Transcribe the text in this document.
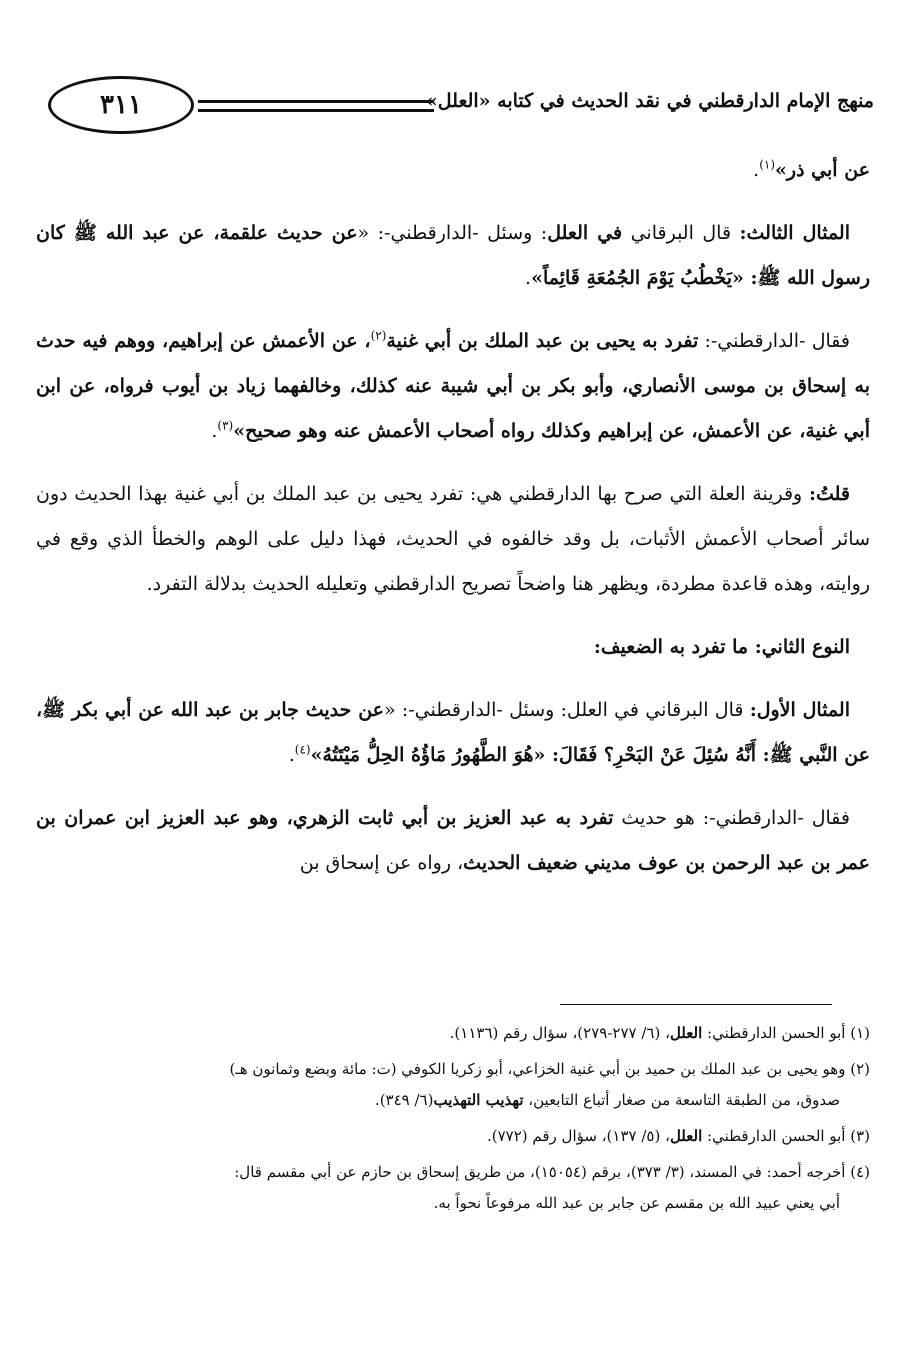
منهج الإمام الدارقطني في نقد الحديث في كتابه «العلل»
٣١١

عن أبي ذر»$^{(١)}$.

المثال الثالث: قال البرقاني في العلل: وسئل -الدارقطني-: «عن حديث علقمة، عن عبد الله ﷺ كان رسول الله ﷺ: «يَخْطُبُ يَوْمَ الجُمُعَةِ قَائِماً».

فقال -الدارقطني-: تفرد به يحيى بن عبد الملك بن أبي غنية$^{(٢)}$، عن الأعمش عن إبراهيم، ووهم فيه حدث به إسحاق بن موسى الأنصاري، وأبو بكر بن أبي شيبة عنه كذلك، وخالفهما زياد بن أيوب فرواه، عن ابن أبي غنية، عن الأعمش، عن إبراهيم وكذلك رواه أصحاب الأعمش عنه وهو صحيح»$^{(٣)}$.

قلتُ: وقرينة العلة التي صرح بها الدارقطني هي: تفرد يحيى بن عبد الملك بن أبي غنية بهذا الحديث دون سائر أصحاب الأعمش الأثبات، بل وقد خالفوه في الحديث، فهذا دليل على الوهم والخطأ الذي وقع في روايته، وهذه قاعدة مطردة، ويظهر هنا واضحاً تصريح الدارقطني وتعليله الحديث بدلالة التفرد.

النوع الثاني: ما تفرد به الضعيف:

المثال الأول: قال البرقاني في العلل: وسئل -الدارقطني-: «عن حديث جابر بن عبد الله عن أبي بكر ﷺ، عن النَّبي ﷺ: أَنَّهُ سُئِلَ عَنْ البَحْرِ؟ فَقَالَ: «هُوَ الطَّهُورُ مَاؤُهُ الحِلُّ مَيْتَتُهُ»$^{(٤)}$.

فقال -الدارقطني-: هو حديث تفرد به عبد العزيز بن أبي ثابت الزهري، وهو عبد العزيز ابن عمران بن عمر بن عبد الرحمن بن عوف مديني ضعيف الحديث، رواه عن إسحاق بن

(١) أبو الحسن الدارقطني: العلل، (٦/ ٢٧٧-٢٧٩)، سؤال رقم (١١٣٦).
(٢) وهو يحيى بن عبد الملك بن حميد بن أبي غنية الخزاعي، أبو زكريا الكوفي (ت: مائة وبضع وثمانون هـ)
صدوق، من الطبقة التاسعة من صغار أتباع التابعين، تهذيب التهذيب(٦/ ٣٤٩).
(٣) أبو الحسن الدارقطني: العلل، (٥/ ١٣٧)، سؤال رقم (٧٧٢).
(٤) أخرجه أحمد: في المسند، (٣/ ٣٧٣)، برقم (١٥٠٥٤)، من طريق إسحاق بن حازم عن أبي مقسم قال:
أبي يعني عبيد الله بن مقسم عن جابر بن عبد الله مرفوعاً نحواً به.
